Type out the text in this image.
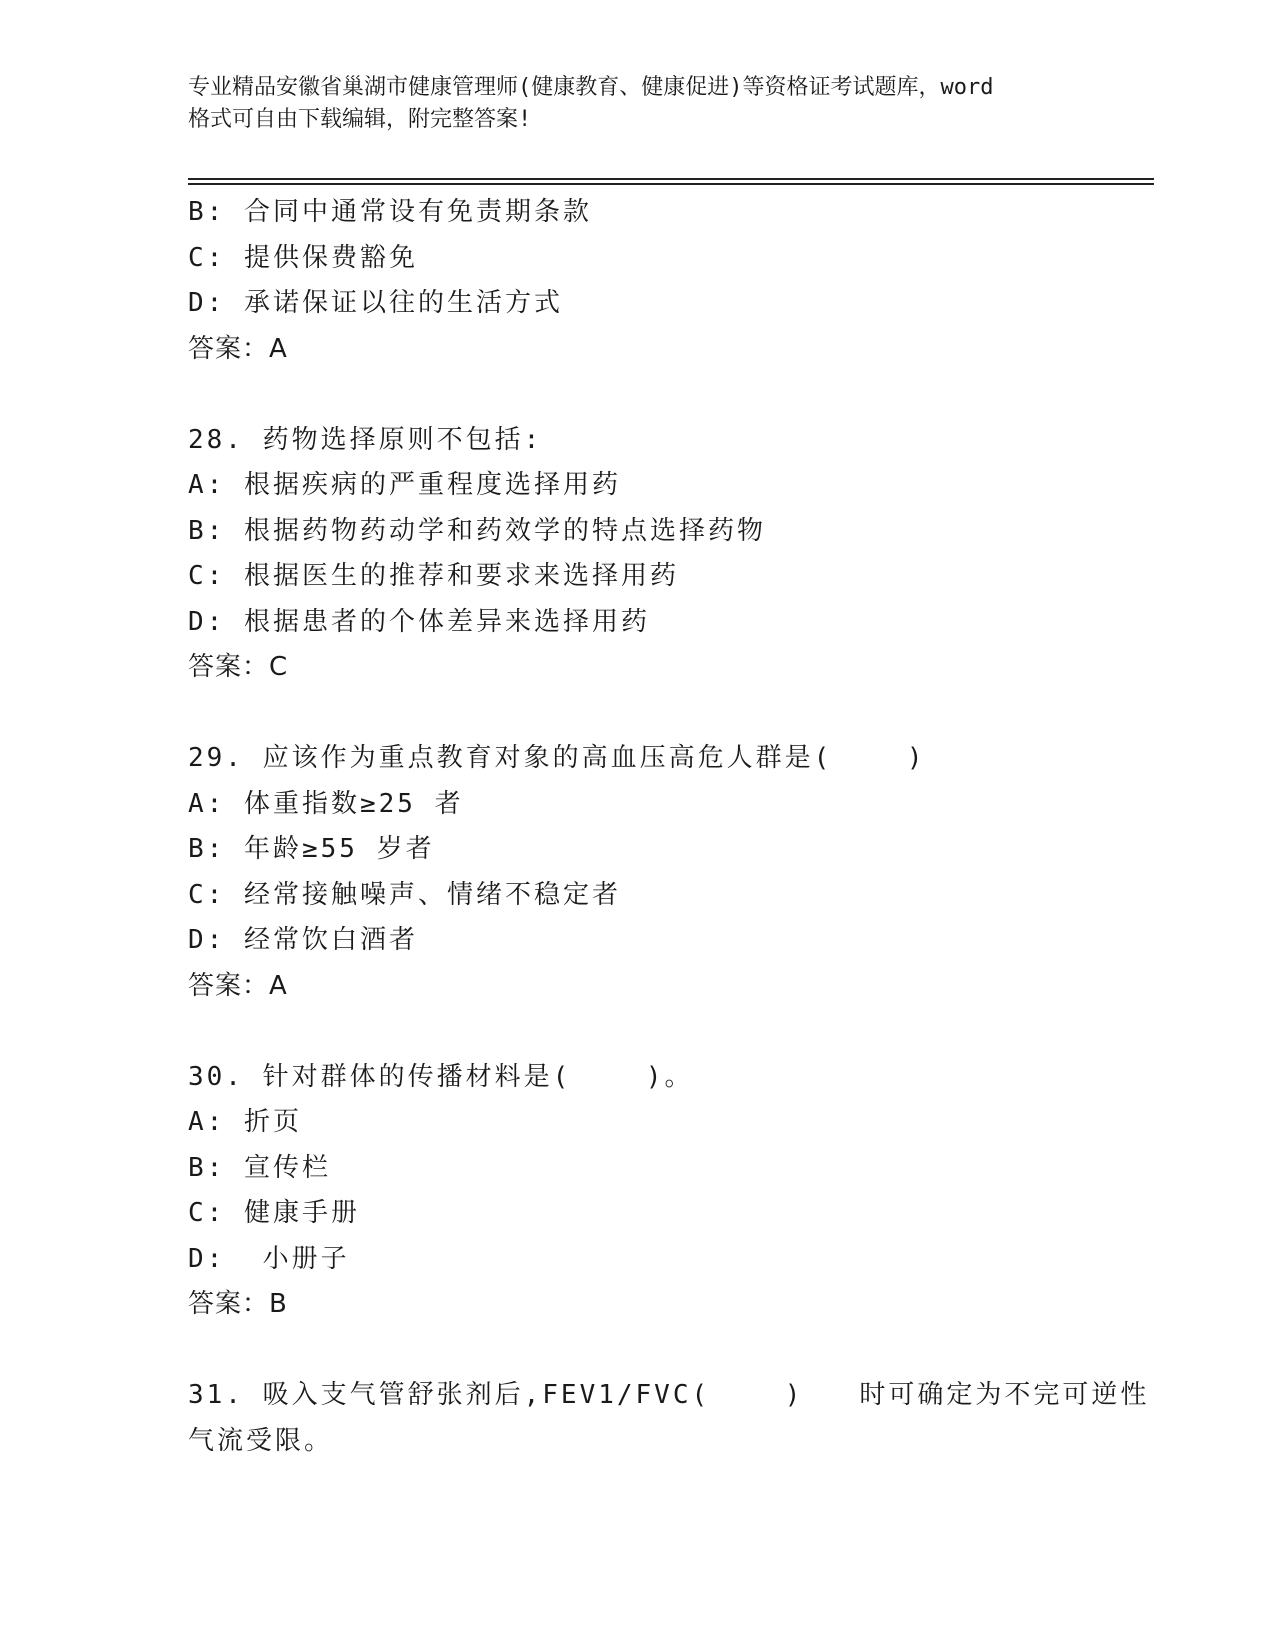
专业精品安徽省巢湖市健康管理师(健康教育、健康促进)等资格证考试题库，word
格式可自由下载编辑，附完整答案!
B: 合同中通常设有免责期条款
C: 提供保费豁免
D: 承诺保证以往的生活方式
答案：A
28. 药物选择原则不包括:
A: 根据疾病的严重程度选择用药
B: 根据药物药动学和药效学的特点选择药物
C: 根据医生的推荐和要求来选择用药
D: 根据患者的个体差异来选择用药
答案：C
29. 应该作为重点教育对象的高血压高危人群是(    )
A: 体重指数≥25 者
B: 年龄≥55 岁者
C: 经常接触噪声、情绪不稳定者
D: 经常饮白酒者
答案：A
30. 针对群体的传播材料是(    )。
A: 折页
B: 宣传栏
C: 健康手册
D:  小册子
答案：B
31. 吸入支气管舒张剂后,FEV1/FVC(    )   时可确定为不完可逆性
气流受限。
